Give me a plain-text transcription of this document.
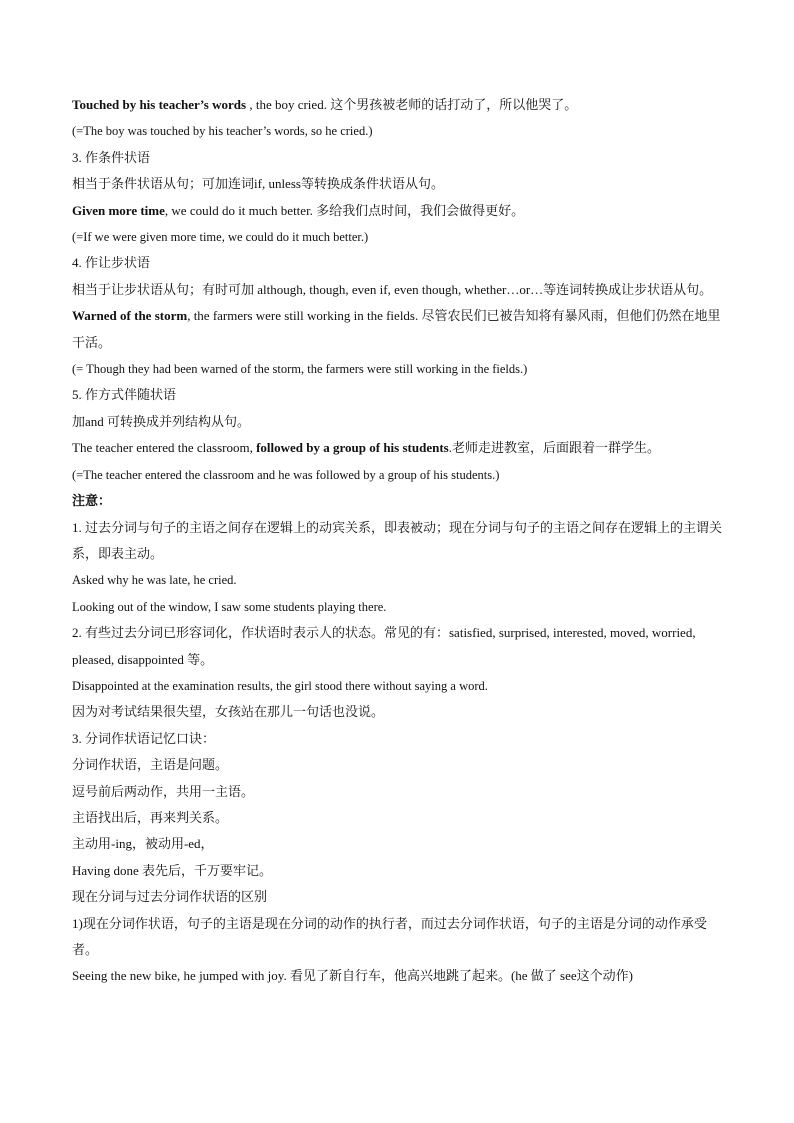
Touched by his teacher’s words , the boy cried. 这个男孩被老师的话打动了，所以他哭了。
(=The boy was touched by his teacher’s words, so he cried.)
3. 作条件状语
相当于条件状语从句；可加连词if, unless等转换成条件状语从句。
Given more time, we could do it much better. 多给我们点时间，我们会做得更好。
(=If we were given more time, we could do it much better.)
4. 作让步状语
相当于让步状语从句；有时可加 although, though, even if, even though, whether…or…等连词转换成让步状语从句。
Warned of the storm, the farmers were still working in the fields. 尽管农民们已被告知将有暴风雨，但他们仍然在地里干活。
(= Though they had been warned of the storm, the farmers were still working in the fields.)
5. 作方式伴随状语
加and 可转换成并列结构从句。
The teacher entered the classroom, followed by a group of his students.老师走进教室，后面跟着一群学生。
(=The teacher entered the classroom and he was followed by a group of his students.)
注意：
1. 过去分词与句子的主语之间存在逻辑上的动宾关系，即表被动；现在分词与句子的主语之间存在逻辑上的主谓关系，即表主动。
Asked why he was late, he cried.
Looking out of the window, I saw some students playing there.
2. 有些过去分词已形容词化，作状语时表示人的状态。常见的有：satisfied, surprised, interested, moved, worried, pleased, disappointed 等。
Disappointed at the examination results, the girl stood there without saying a word.
因为对考试结果很失望，女孩站在那儿一句话也没说。
3. 分词作状语记忆口诀：
分词作状语，主语是问题。
逗号前后两动作，共用一主语。
主语找出后，再来判关系。
主动用-ing，被动用-ed，
Having done 表先后，千万要牢记。
现在分词与过去分词作状语的区别
1)现在分词作状语，句子的主语是现在分词的动作的执行者，而过去分词作状语，句子的主语是分词的动作承受者。
Seeing the new bike, he jumped with joy. 看见了新自行车，他高兴地跳了起来。(he 做了 see这个动作)
